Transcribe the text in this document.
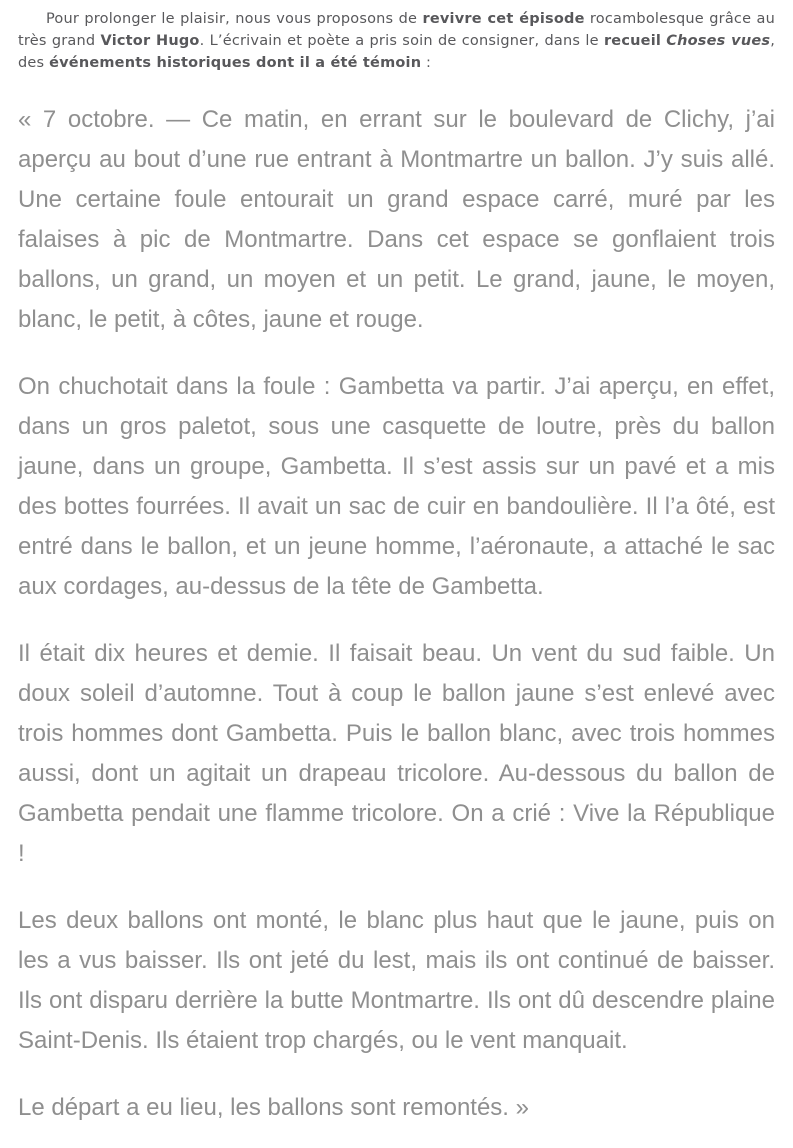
Pour prolonger le plaisir, nous vous proposons de revivre cet épisode rocambolesque grâce au très grand Victor Hugo. L’écrivain et poète a pris soin de consigner, dans le recueil Choses vues, des événements historiques dont il a été témoin :

« 7 octobre. — Ce matin, en errant sur le boulevard de Clichy, j’ai aperçu au bout d’une rue entrant à Montmartre un ballon. J’y suis allé. Une certaine foule entourait un grand espace carré, muré par les falaises à pic de Montmartre. Dans cet espace se gonflaient trois ballons, un grand, un moyen et un petit. Le grand, jaune, le moyen, blanc, le petit, à côtes, jaune et rouge.

On chuchotait dans la foule : Gambetta va partir. J’ai aperçu, en effet, dans un gros paletot, sous une casquette de loutre, près du ballon jaune, dans un groupe, Gambetta. Il s’est assis sur un pavé et a mis des bottes fourrées. Il avait un sac de cuir en bandoulière. Il l’a ôté, est entré dans le ballon, et un jeune homme, l’aéronaute, a attaché le sac aux cordages, au-dessus de la tête de Gambetta.

Il était dix heures et demie. Il faisait beau. Un vent du sud faible. Un doux soleil d’automne. Tout à coup le ballon jaune s’est enlevé avec trois hommes dont Gambetta. Puis le ballon blanc, avec trois hommes aussi, dont un agitait un drapeau tricolore. Au-dessous du ballon de Gambetta pendait une flamme tricolore. On a crié : Vive la République !

Les deux ballons ont monté, le blanc plus haut que le jaune, puis on les a vus baisser. Ils ont jeté du lest, mais ils ont continué de baisser. Ils ont disparu derrière la butte Montmartre. Ils ont dû descendre plaine Saint-Denis. Ils étaient trop chargés, ou le vent manquait.

Le départ a eu lieu, les ballons sont remontés. »
